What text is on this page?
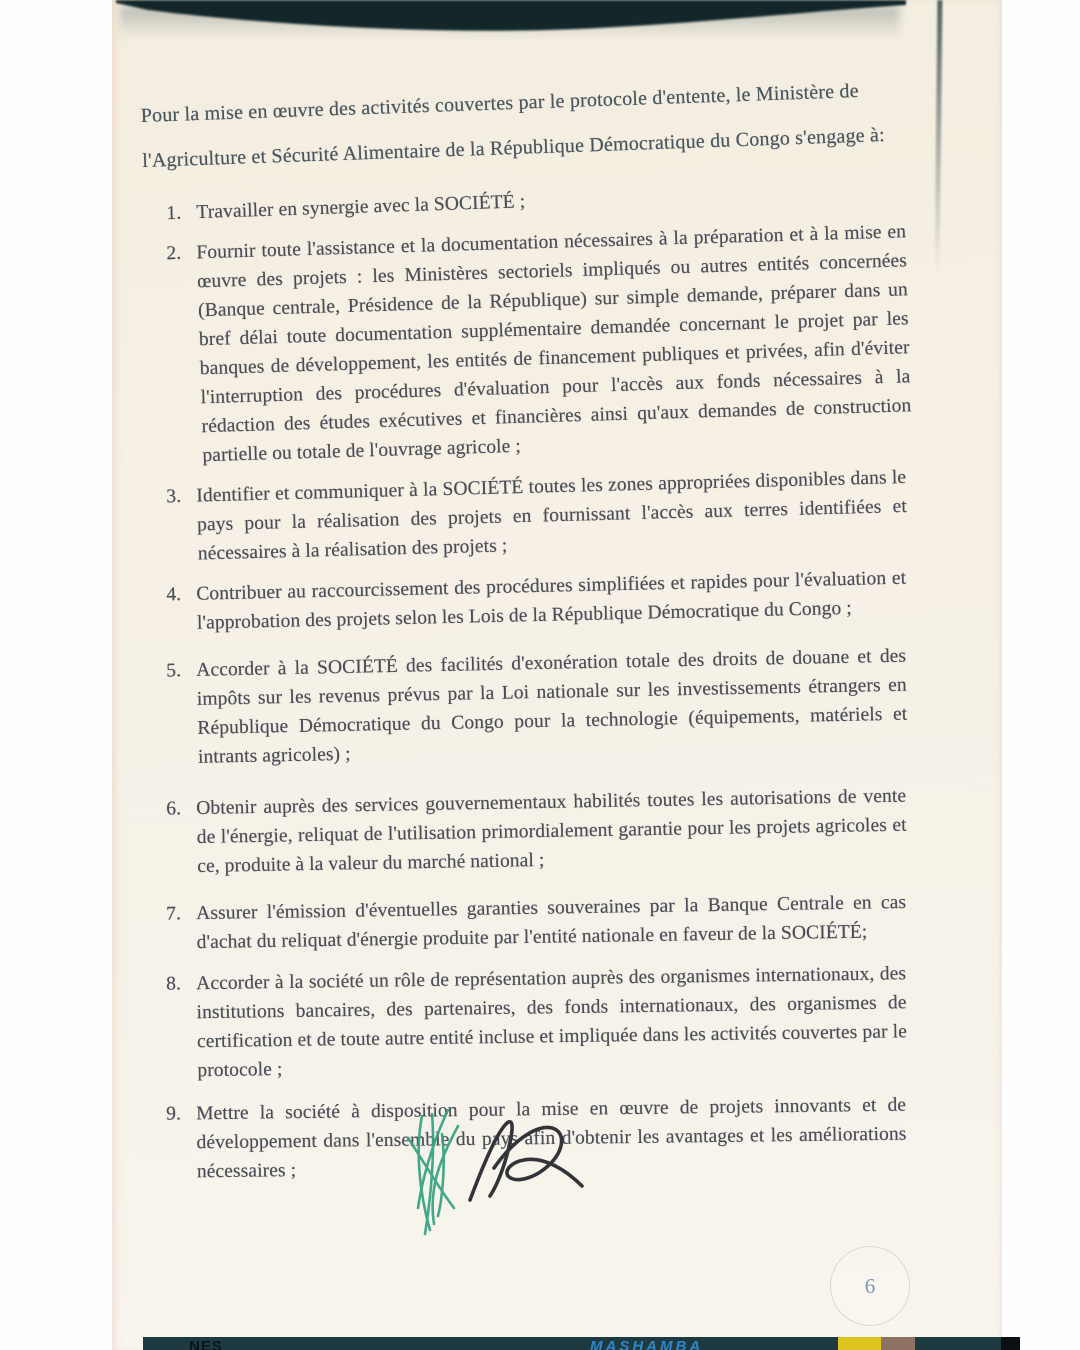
Pour la mise en œuvre des activités couvertes par le protocole d'entente, le Ministère de
l'Agriculture et Sécurité Alimentaire de la République Démocratique du Congo s'engage à:
1. Travailler en synergie avec la SOCIÉTÉ ;
2. Fournir toute l'assistance et la documentation nécessaires à la préparation et à la mise en œuvre des projets : les Ministères sectoriels impliqués ou autres entités concernées (Banque centrale, Présidence de la République) sur simple demande, préparer dans un bref délai toute documentation supplémentaire demandée concernant le projet par les banques de développement, les entités de financement publiques et privées, afin d'éviter l'interruption des procédures d'évaluation pour l'accès aux fonds nécessaires à la rédaction des études exécutives et financières ainsi qu'aux demandes de construction partielle ou totale de l'ouvrage agricole ;
3. Identifier et communiquer à la SOCIÉTÉ toutes les zones appropriées disponibles dans le pays pour la réalisation des projets en fournissant l'accès aux terres identifiées et nécessaires à la réalisation des projets ;
4. Contribuer au raccourcissement des procédures simplifiées et rapides pour l'évaluation et l'approbation des projets selon les Lois de la République Démocratique du Congo ;
5. Accorder à la SOCIÉTÉ des facilités d'exonération totale des droits de douane et des impôts sur les revenus prévus par la Loi nationale sur les investissements étrangers en République Démocratique du Congo pour la technologie (équipements, matériels et intrants agricoles) ;
6. Obtenir auprès des services gouvernementaux habilités toutes les autorisations de vente de l'énergie, reliquat de l'utilisation primordialement garantie pour les projets agricoles et ce, produite à la valeur du marché national ;
7. Assurer l'émission d'éventuelles garanties souveraines par la Banque Centrale en cas d'achat du reliquat d'énergie produite par l'entité nationale en faveur de la SOCIÉTÉ;
8. Accorder à la société un rôle de représentation auprès des organismes internationaux, des institutions bancaires, des partenaires, des fonds internationaux, des organismes de certification et de toute autre entité incluse et impliquée dans les activités couvertes par le protocole ;
9. Mettre la société à disposition pour la mise en œuvre de projets innovants et de développement dans l'ensemble du pays afin d'obtenir les avantages et les améliorations nécessaires ;
6
NES	MASHAMBA
